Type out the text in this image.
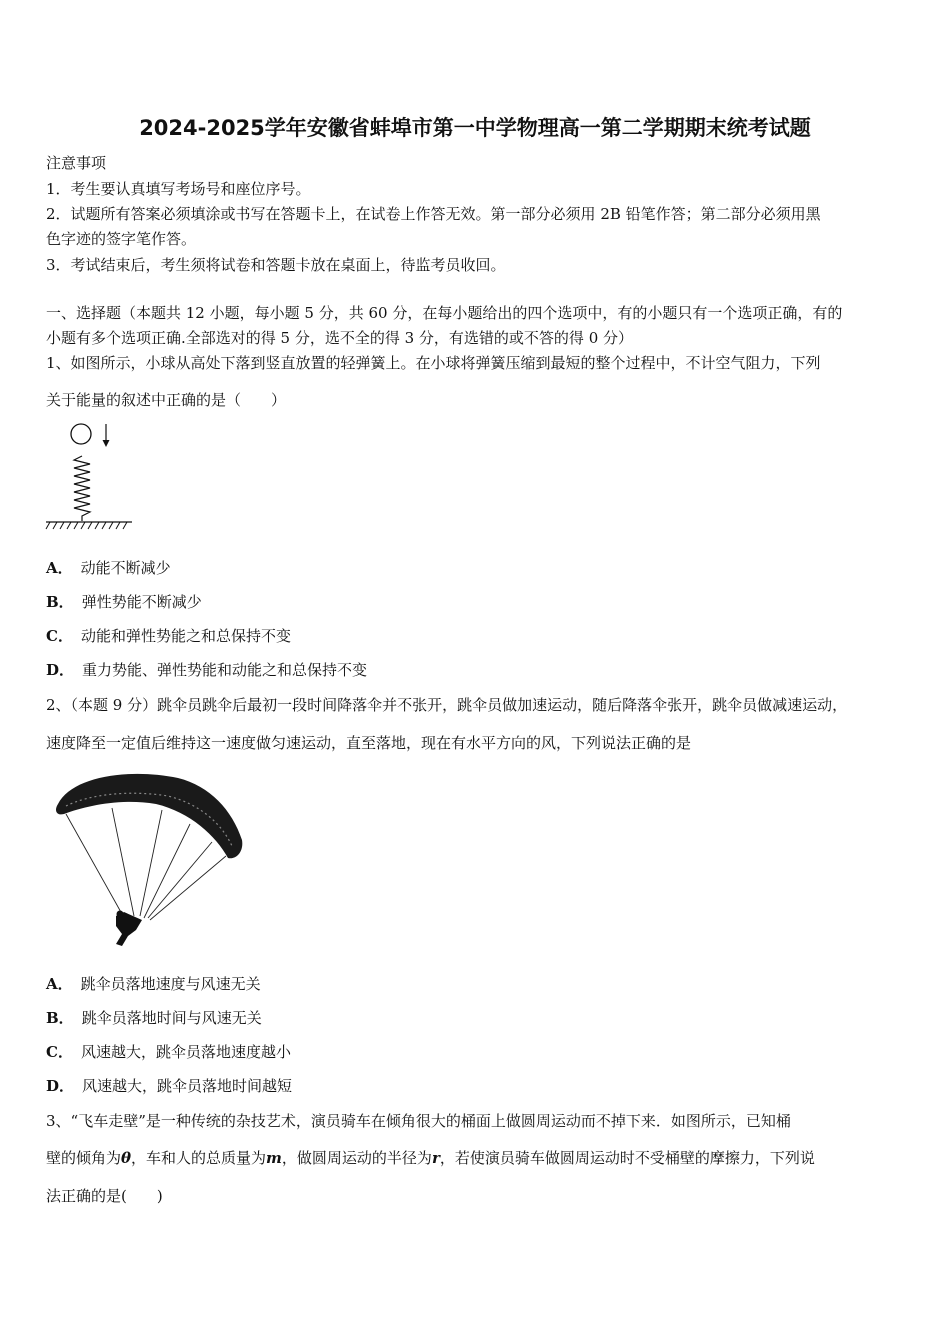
2024-2025学年安徽省蚌埠市第一中学物理高一第二学期期末统考试题
注意事项
1．考生要认真填写考场号和座位序号。
2．试题所有答案必须填涂或书写在答题卡上，在试卷上作答无效。第一部分必须用 2B 铅笔作答；第二部分必须用黑
色字迹的签字笔作答。
3．考试结束后，考生须将试卷和答题卡放在桌面上，待监考员收回。
一、选择题（本题共 12 小题，每小题 5 分，共 60 分，在每小题给出的四个选项中，有的小题只有一个选项正确，有的
小题有多个选项正确.全部选对的得 5 分，选不全的得 3 分，有选错的或不答的得 0 分）
1、如图所示，小球从高处下落到竖直放置的轻弹簧上。在小球将弹簧压缩到最短的整个过程中，不计空气阻力，下列
关于能量的叙述中正确的是（　　）
A． 动能不断减少
B． 弹性势能不断减少
C． 动能和弹性势能之和总保持不变
D． 重力势能、弹性势能和动能之和总保持不变
2、（本题 9 分）跳伞员跳伞后最初一段时间降落伞并不张开，跳伞员做加速运动，随后降落伞张开，跳伞员做减速运动，
速度降至一定值后维持这一速度做匀速运动，直至落地，现在有水平方向的风，下列说法正确的是
A． 跳伞员落地速度与风速无关
B． 跳伞员落地时间与风速无关
C． 风速越大，跳伞员落地速度越小
D． 风速越大，跳伞员落地时间越短
3、“飞车走壁”是一种传统的杂技艺术，演员骑车在倾角很大的桶面上做圆周运动而不掉下来．如图所示，已知桶
壁的倾角为θ，车和人的总质量为m，做圆周运动的半径为r，若使演员骑车做圆周运动时不受桶壁的摩擦力，下列说
法正确的是(　　)
